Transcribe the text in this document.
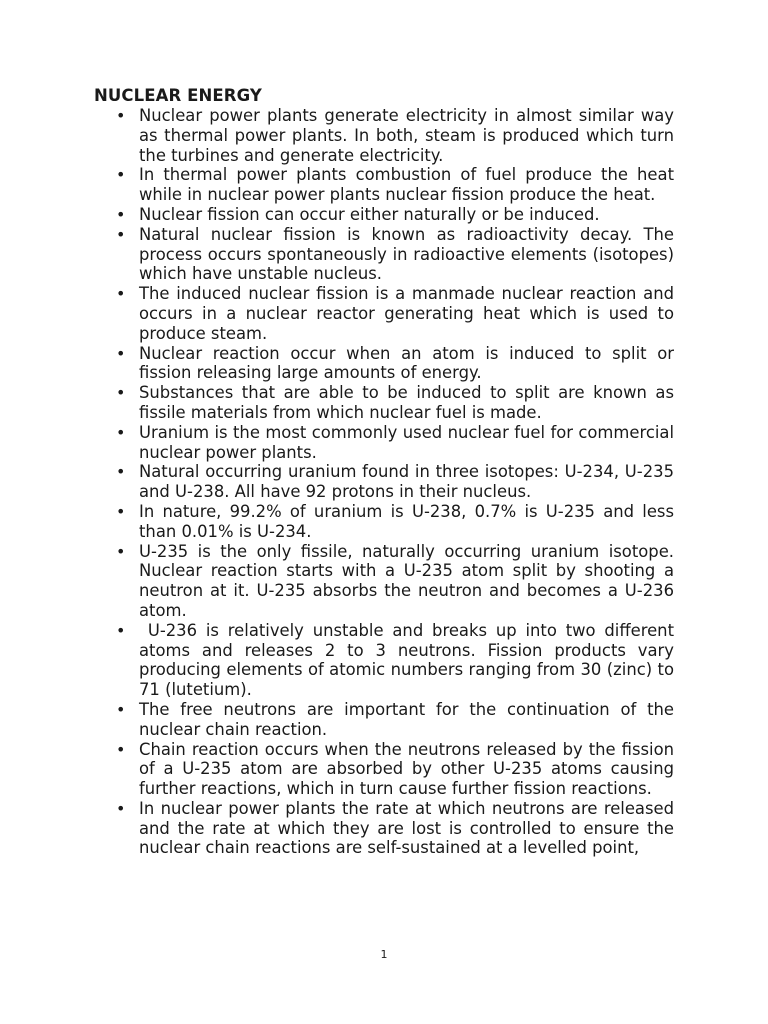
NUCLEAR ENERGY
• Nuclear power plants generate electricity in almost similar way as thermal power plants. In both, steam is produced which turn the turbines and generate electricity.
• In thermal power plants combustion of fuel produce the heat while in nuclear power plants nuclear fission produce the heat.
• Nuclear fission can occur either naturally or be induced.
• Natural nuclear fission is known as radioactivity decay. The process occurs spontaneously in radioactive elements (isotopes) which have unstable nucleus.
• The induced nuclear fission is a manmade nuclear reaction and occurs in a nuclear reactor generating heat which is used to produce steam.
• Nuclear reaction occur when an atom is induced to split or fission releasing large amounts of energy.
• Substances that are able to be induced to split are known as fissile materials from which nuclear fuel is made.
• Uranium is the most commonly used nuclear fuel for commercial nuclear power plants.
• Natural occurring uranium found in three isotopes: U-234, U-235 and U-238. All have 92 protons in their nucleus.
• In nature, 99.2% of uranium is U-238, 0.7% is U-235 and less than 0.01% is U-234.
• U-235 is the only fissile, naturally occurring uranium isotope. Nuclear reaction starts with a U-235 atom split by shooting a neutron at it. U-235 absorbs the neutron and becomes a U-236 atom.
• U-236 is relatively unstable and breaks up into two different atoms and releases 2 to 3 neutrons. Fission products vary producing elements of atomic numbers ranging from 30 (zinc) to 71 (lutetium).
• The free neutrons are important for the continuation of the nuclear chain reaction.
• Chain reaction occurs when the neutrons released by the fission of a U-235 atom are absorbed by other U-235 atoms causing further reactions, which in turn cause further fission reactions.
• In nuclear power plants the rate at which neutrons are released and the rate at which they are lost is controlled to ensure the nuclear chain reactions are self-sustained at a levelled point,
1
